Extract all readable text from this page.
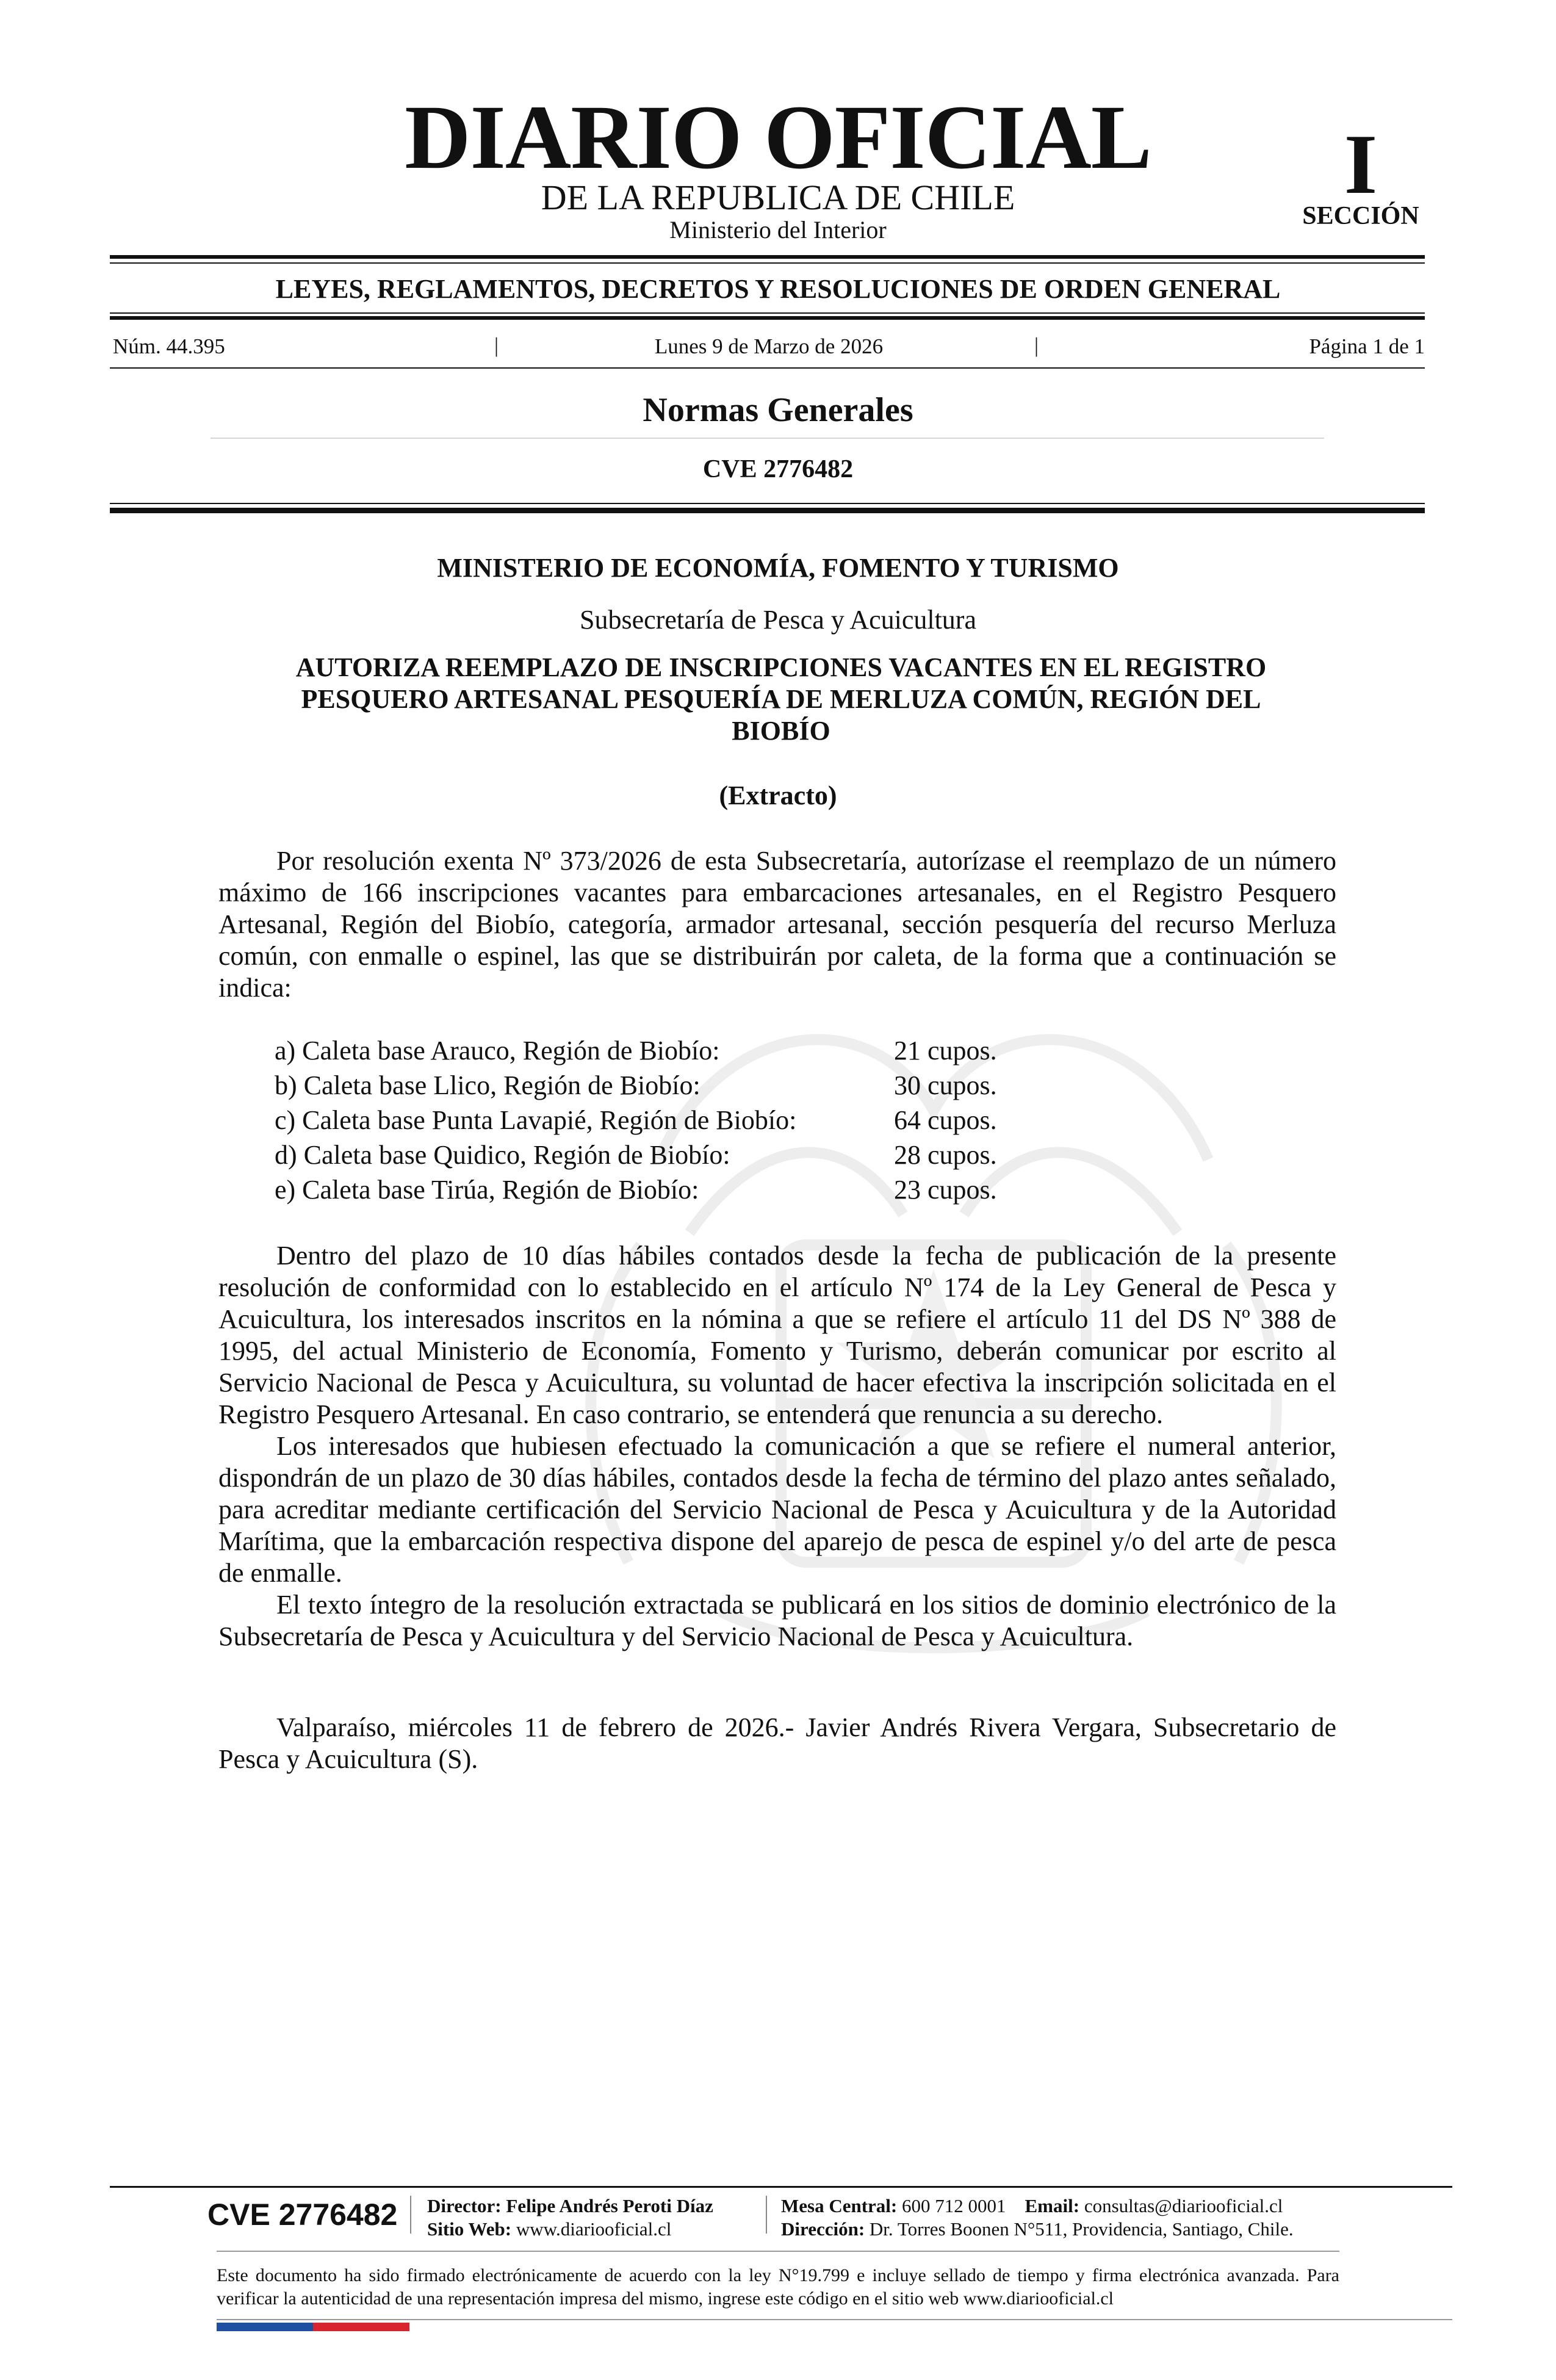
DIARIO OFICIAL
DE LA REPUBLICA DE CHILE
Ministerio del Interior
I
SECCIÓN
LEYES, REGLAMENTOS, DECRETOS Y RESOLUCIONES DE ORDEN GENERAL
Núm. 44.395	|	Lunes 9 de Marzo de 2026	|	Página 1 de 1
Normas Generales
CVE 2776482
MINISTERIO DE ECONOMÍA, FOMENTO Y TURISMO
Subsecretaría de Pesca y Acuicultura
AUTORIZA REEMPLAZO DE INSCRIPCIONES VACANTES EN EL REGISTRO
PESQUERO ARTESANAL PESQUERÍA DE MERLUZA COMÚN, REGIÓN DEL
BIOBÍO
(Extracto)

Por resolución exenta Nº 373/2026 de esta Subsecretaría, autorízase el reemplazo de un número máximo de 166 inscripciones vacantes para embarcaciones artesanales, en el Registro Pesquero Artesanal, Región del Biobío, categoría, armador artesanal, sección pesquería del recurso Merluza común, con enmalle o espinel, las que se distribuirán por caleta, de la forma que a continuación se indica:

a) Caleta base Arauco, Región de Biobío:	21 cupos.
b) Caleta base Llico, Región de Biobío:	30 cupos.
c) Caleta base Punta Lavapié, Región de Biobío:	64 cupos.
d) Caleta base Quidico, Región de Biobío:	28 cupos.
e) Caleta base Tirúa, Región de Biobío:	23 cupos.

Dentro del plazo de 10 días hábiles contados desde la fecha de publicación de la presente resolución de conformidad con lo establecido en el artículo Nº 174 de la Ley General de Pesca y Acuicultura, los interesados inscritos en la nómina a que se refiere el artículo 11 del DS Nº 388 de 1995, del actual Ministerio de Economía, Fomento y Turismo, deberán comunicar por escrito al Servicio Nacional de Pesca y Acuicultura, su voluntad de hacer efectiva la inscripción solicitada en el Registro Pesquero Artesanal. En caso contrario, se entenderá que renuncia a su derecho.

Los interesados que hubiesen efectuado la comunicación a que se refiere el numeral anterior, dispondrán de un plazo de 30 días hábiles, contados desde la fecha de término del plazo antes señalado, para acreditar mediante certificación del Servicio Nacional de Pesca y Acuicultura y de la Autoridad Marítima, que la embarcación respectiva dispone del aparejo de pesca de espinel y/o del arte de pesca de enmalle.

El texto íntegro de la resolución extractada se publicará en los sitios de dominio electrónico de la Subsecretaría de Pesca y Acuicultura y del Servicio Nacional de Pesca y Acuicultura.

Valparaíso, miércoles 11 de febrero de 2026.- Javier Andrés Rivera Vergara, Subsecretario de Pesca y Acuicultura (S).

CVE 2776482 Director: Felipe Andrés Peroti Díaz
Sitio Web: www.diariooficial.cl
Mesa Central: 600 712 0001 Email: consultas@diariooficial.cl
Dirección: Dr. Torres Boonen N°511, Providencia, Santiago, Chile.
Este documento ha sido firmado electrónicamente de acuerdo con la ley N°19.799 e incluye sellado de tiempo y firma electrónica avanzada. Para verificar la autenticidad de una representación impresa del mismo, ingrese este código en el sitio web www.diariooficial.cl
